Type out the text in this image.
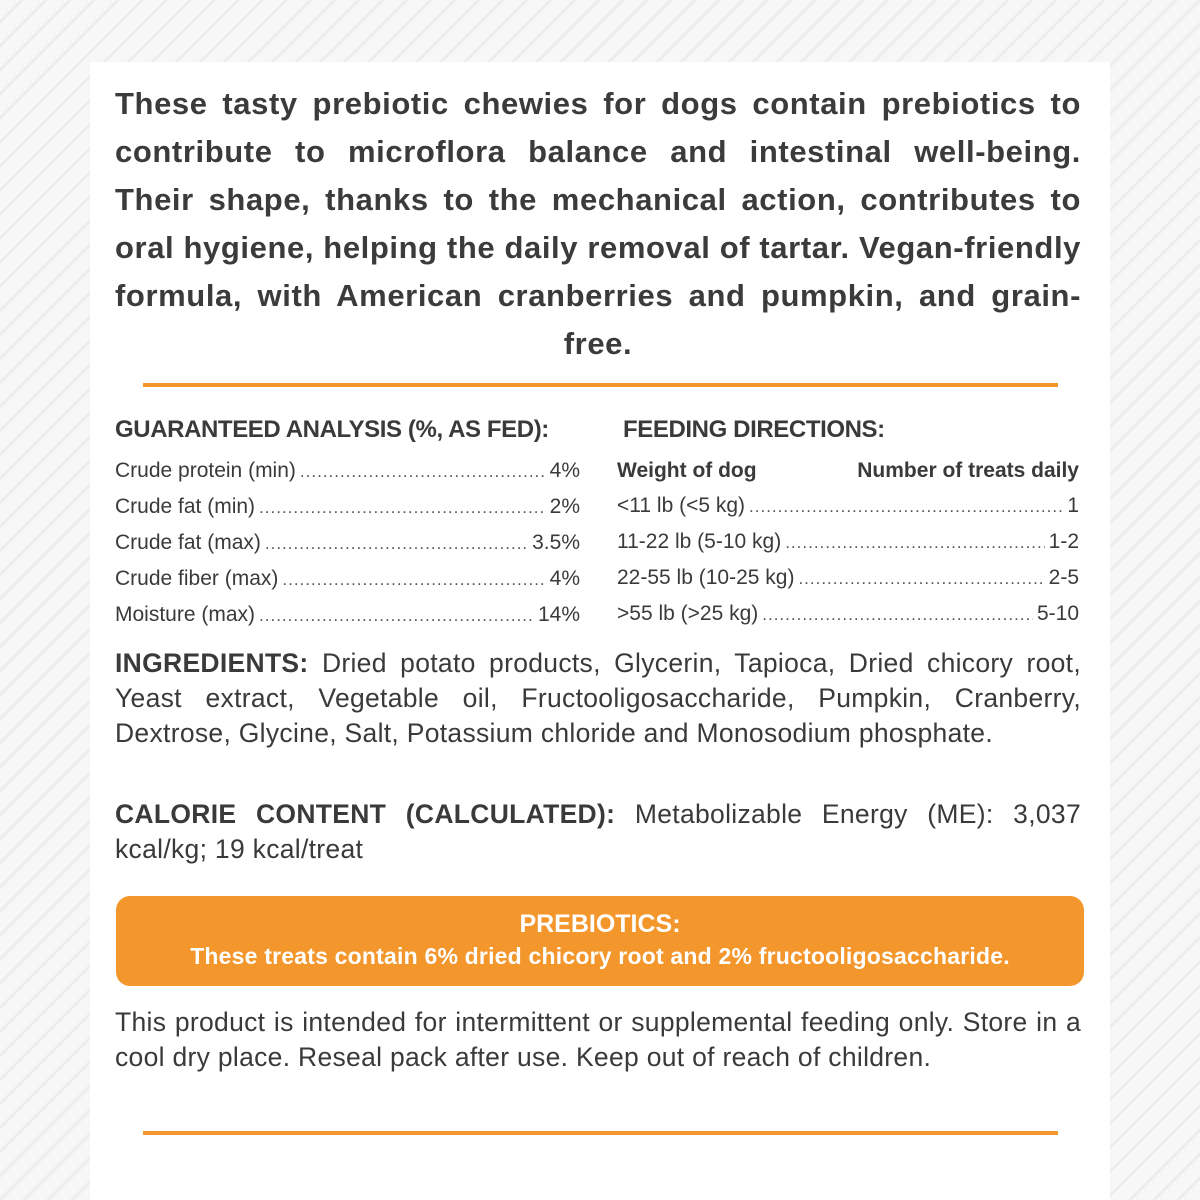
These tasty prebiotic chewies for dogs contain prebiotics to contribute to microflora balance and intestinal well-being. Their shape, thanks to the mechanical action, contributes to oral hygiene, helping the daily removal of tartar. Vegan-friendly formula, with American cranberries and pumpkin, and grain-free.

GUARANTEED ANALYSIS (%, AS FED):
Crude protein (min) .....	4%
Crude fat (min) .....	2%
Crude fat (max) .....	3.5%
Crude fiber (max) .....	4%
Moisture (max) .....	14%
FEEDING DIRECTIONS:
Weight of dog	Number of treats daily
<11 lb (<5 kg) .....	1
11-22 lb (5-10 kg) .....	1-2
22-55 lb (10-25 kg) .....	2-5
>55 lb (>25 kg) .....	5-10

INGREDIENTS: Dried potato products, Glycerin, Tapioca, Dried chicory root, Yeast extract, Vegetable oil, Fructooligosaccharide, Pumpkin, Cranberry, Dextrose, Glycine, Salt, Potassium chloride and Monosodium phosphate.

CALORIE CONTENT (CALCULATED): Metabolizable Energy (ME): 3,037 kcal/kg; 19 kcal/treat

PREBIOTICS:
These treats contain 6% dried chicory root and 2% fructooligosaccharide.

This product is intended for intermittent or supplemental feeding only. Store in a cool dry place. Reseal pack after use. Keep out of reach of children.
